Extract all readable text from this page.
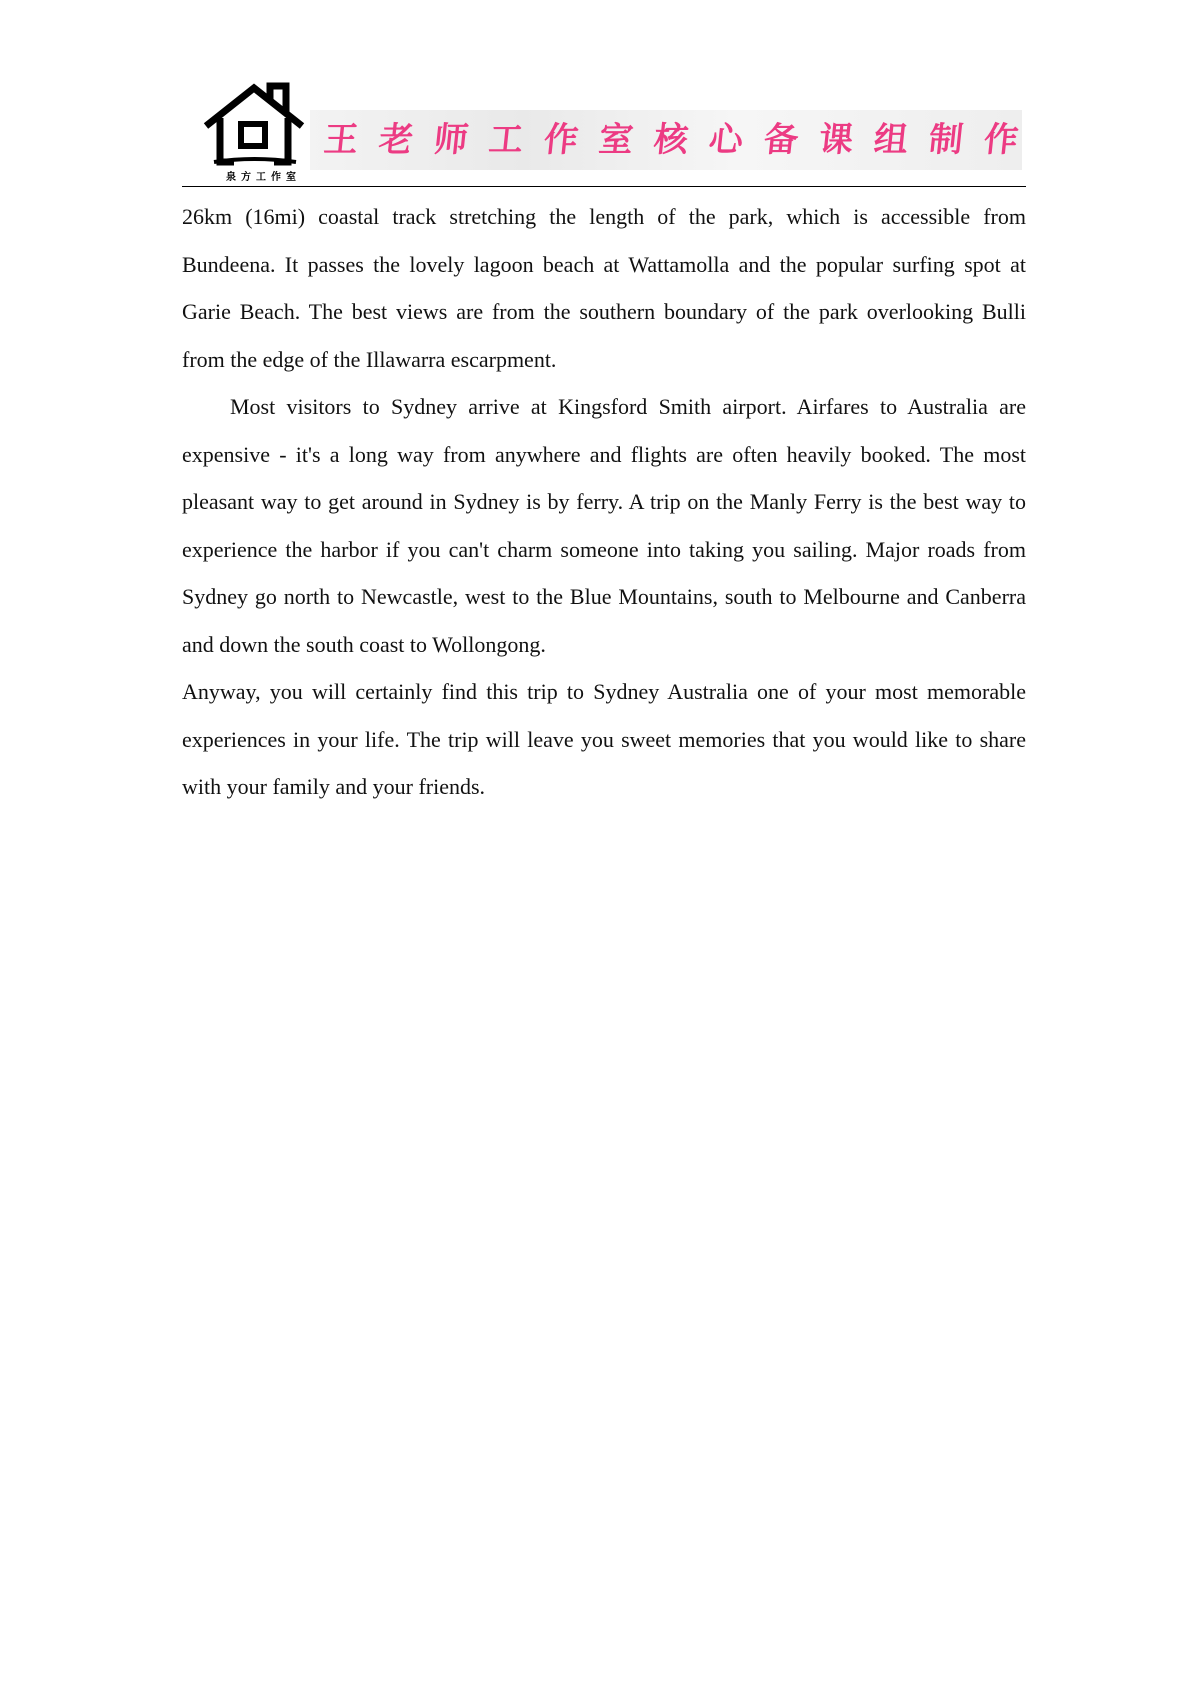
泉方工作室
王老师工作室核心备课组制作

26km (16mi) coastal track stretching the length of the park, which is accessible from Bundeena. It passes the lovely lagoon beach at Wattamolla and the popular surfing spot at Garie Beach. The best views are from the southern boundary of the park overlooking Bulli from the edge of the Illawarra escarpment.

Most visitors to Sydney arrive at Kingsford Smith airport. Airfares to Australia are expensive - it's a long way from anywhere and flights are often heavily booked. The most pleasant way to get around in Sydney is by ferry. A trip on the Manly Ferry is the best way to experience the harbor if you can't charm someone into taking you sailing. Major roads from Sydney go north to Newcastle, west to the Blue Mountains, south to Melbourne and Canberra and down the south coast to Wollongong.

Anyway, you will certainly find this trip to Sydney Australia one of your most memorable experiences in your life. The trip will leave you sweet memories that you would like to share with your family and your friends.
